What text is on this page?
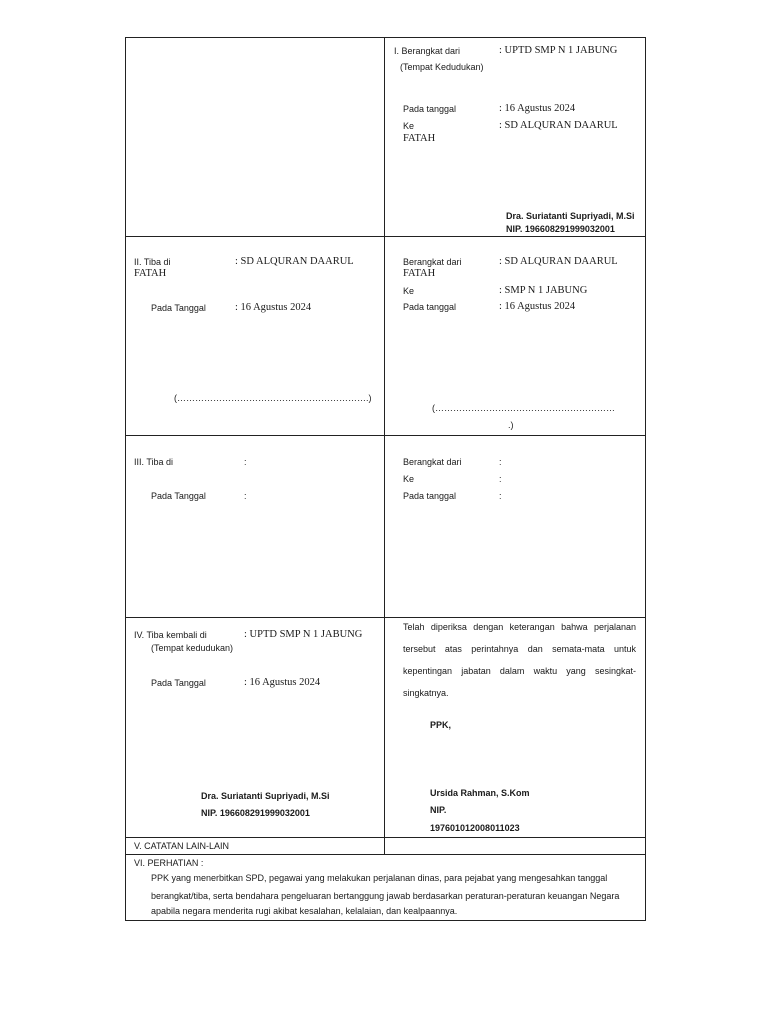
I. Berangkat dari	: UPTD SMP N 1 JABUNG
(Tempat Kedudukan)
Pada tanggal	: 16 Agustus 2024
Ke	: SD ALQURAN DAARUL
FATAH
Dra. Suriatanti Supriyadi, M.Si
NIP. 196608291999032001
II. Tiba di	: SD ALQURAN DAARUL
FATAH
Pada Tanggal	: 16 Agustus 2024
(……………………………………………………….)
Berangkat dari	: SD ALQURAN DAARUL
FATAH
Ke	: SMP N 1 JABUNG
Pada tanggal	: 16 Agustus 2024
(……………………………………………………
.)
III. Tiba di	:
Pada Tanggal	:
Berangkat dari	:
Ke	:
Pada tanggal	:
IV. Tiba kembali di	: UPTD SMP N 1 JABUNG
(Tempat kedudukan)
Pada Tanggal	: 16 Agustus 2024
Dra. Suriatanti Supriyadi, M.Si
NIP. 196608291999032001
Telah diperiksa dengan keterangan bahwa perjalanan
tersebut atas perintahnya dan semata-mata untuk
kepentingan jabatan dalam waktu yang sesingkat-
singkatnya.
PPK,
Ursida Rahman, S.Kom
NIP.
197601012008011023
V. CATATAN LAIN-LAIN
VI. PERHATIAN :
PPK yang menerbitkan SPD, pegawai yang melakukan perjalanan dinas, para pejabat yang mengesahkan tanggal
berangkat/tiba, serta bendahara pengeluaran bertanggung jawab berdasarkan peraturan-peraturan keuangan Negara
apabila negara menderita rugi akibat kesalahan, kelalaian, dan kealpaannya.
